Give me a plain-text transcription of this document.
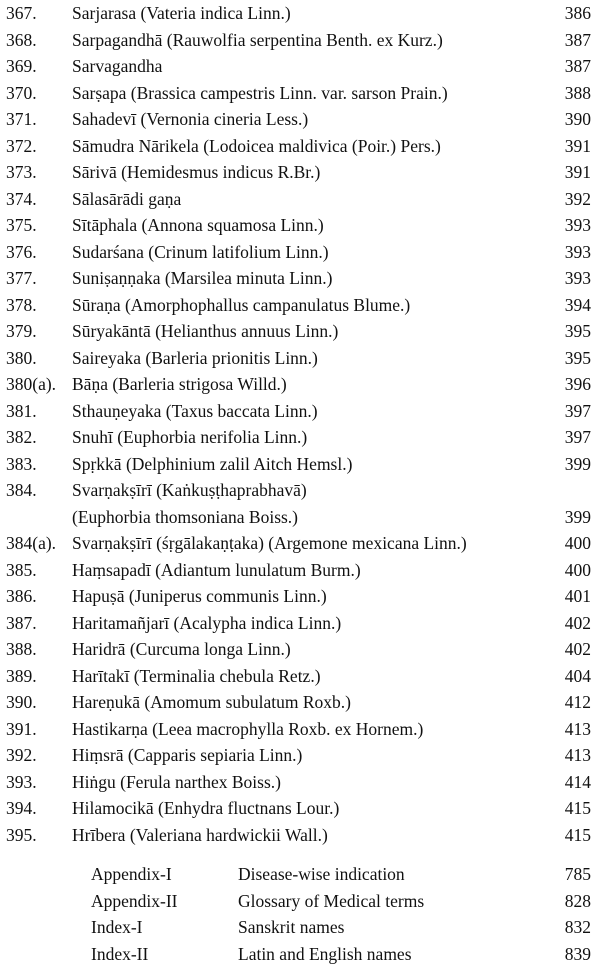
367. Sarjarasa (Vateria indica Linn.)	386
368. Sarpagandhā (Rauwolfia serpentina Benth. ex Kurz.)	387
369. Sarvagandha	387
370. Sarṣapa (Brassica campestris Linn. var. sarson Prain.)	388
371. Sahadevī (Vernonia cineria Less.)	390
372. Sāmudra Nārikela (Lodoicea maldivica (Poir.) Pers.)	391
373. Sārivā (Hemidesmus indicus R.Br.)	391
374. Sālasārādi gaṇa	392
375. Sītāphala (Annona squamosa Linn.)	393
376. Sudarśana (Crinum latifolium Linn.)	393
377. Suniṣaṇṇaka (Marsilea minuta Linn.)	393
378. Sūraṇa (Amorphophallus campanulatus Blume.)	394
379. Sūryakāntā (Helianthus annuus Linn.)	395
380. Saireyaka (Barleria prionitis Linn.)	395
380(a). Bāṇa (Barleria strigosa Willd.)	396
381. Sthauṇeyaka (Taxus baccata Linn.)	397
382. Snuhī (Euphorbia nerifolia Linn.)	397
383. Spṛkkā (Delphinium zalil Aitch Hemsl.)	399
384. Svarṇakṣīrī (Kaṅkuṣṭhaprabhavā)
(Euphorbia thomsoniana Boiss.)	399
384(a). Svarṇakṣīrī (śṛgālakaṇṭaka) (Argemone mexicana Linn.)	400
385. Haṃsapadī (Adiantum lunulatum Burm.)	400
386. Hapuṣā (Juniperus communis Linn.)	401
387. Haritamañjarī (Acalypha indica Linn.)	402
388. Haridrā (Curcuma longa Linn.)	402
389. Harītakī (Terminalia chebula Retz.)	404
390. Hareṇukā (Amomum subulatum Roxb.)	412
391. Hastikarṇa (Leea macrophylla Roxb. ex Hornem.)	413
392. Hiṃsrā (Capparis sepiaria Linn.)	413
393. Hiṅgu (Ferula narthex Boiss.)	414
394. Hilamocikā (Enhydra fluctnans Lour.)	415
395. Hrībera (Valeriana hardwickii Wall.)	415
Appendix-I	Disease-wise indication	785
Appendix-II	Glossary of Medical terms	828
Index-I	Sanskrit names	832
Index-II	Latin and English names	839
